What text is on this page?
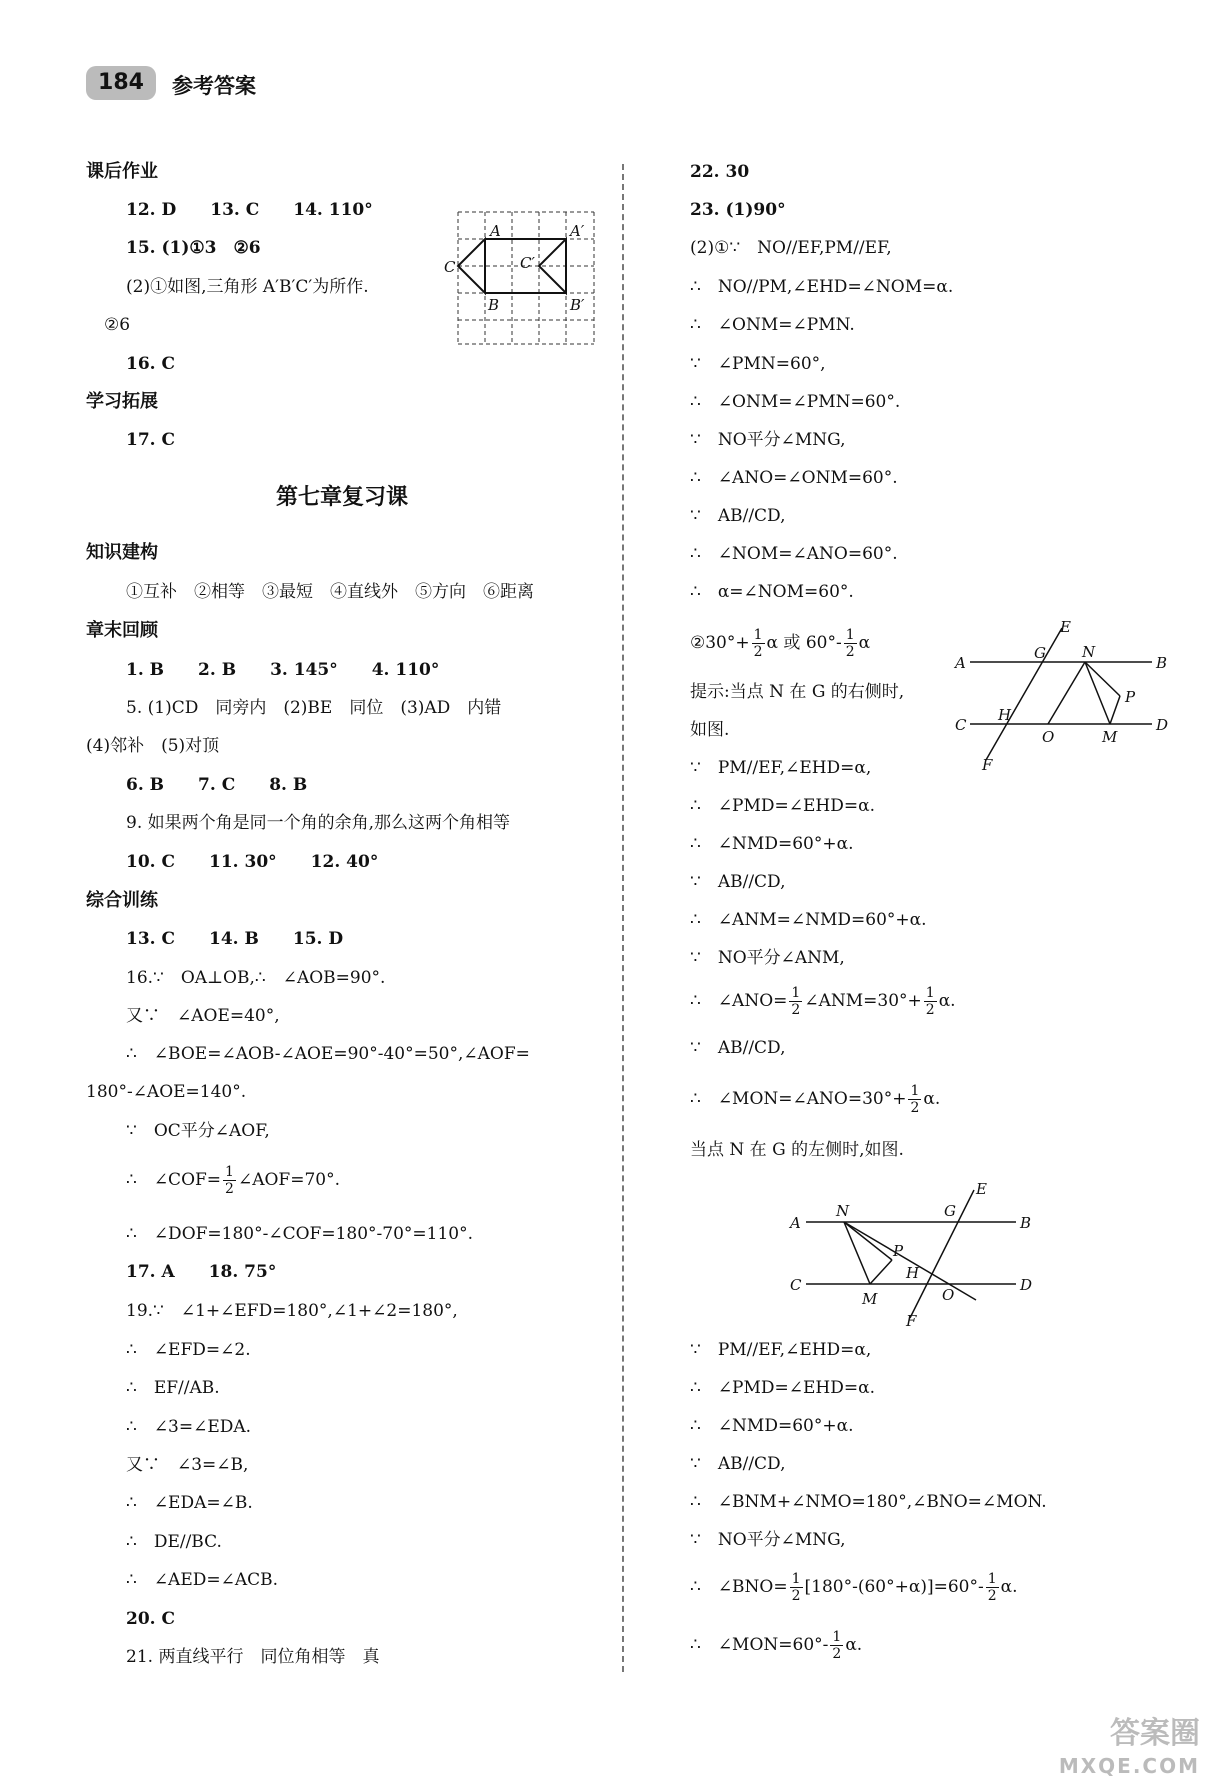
184	参考答案
课后作业
12. D　　13. C　　14. 110°
15. (1)①3　②6
(2)①如图,三角形 A′B′C′为所作.
②6
16. C
学习拓展
17. C
第七章复习课
知识建构
①互补　②相等　③最短　④直线外　⑤方向　⑥距离
章末回顾
1. B　　2. B　　3. 145°　　4. 110°
5. (1)CD　同旁内　(2)BE　同位　(3)AD　内错
(4)邻补　(5)对顶
6. B　　7. C　　8. B
9. 如果两个角是同一个角的余角,那么这两个角相等
10. C　　11. 30°　　12. 40°
综合训练
13. C　　14. B　　15. D
16.∵　OA⊥OB,∴　∠AOB=90°.
又∵　∠AOE=40°,
∴　∠BOE=∠AOB-∠AOE=90°-40°=50°,∠AOF=
180°-∠AOE=140°.
∵　OC平分∠AOF,
∴　∠COF= $\frac{1}{2}$ ∠AOF=70°.
∴　∠DOF=180°-∠COF=180°-70°=110°.
17. A　　18. 75°
19.∵　∠1+∠EFD=180°,∠1+∠2=180°,
∴　∠EFD=∠2.
∴　EF//AB.
∴　∠3=∠EDA.
又∵　∠3=∠B,
∴　∠EDA=∠B.
∴　DE//BC.
∴　∠AED=∠ACB.
20. C
21. 两直线平行　同位角相等　真
A	A′
C	C′
B	B′
22. 30
23. (1)90°
(2)①∵　NO//EF,PM//EF,
∴　NO//PM,∠EHD=∠NOM=α.
∴　∠ONM=∠PMN.
∵　∠PMN=60°,
∴　∠ONM=∠PMN=60°.
∵　NO平分∠MNG,
∴　∠ANO=∠ONM=60°.
∵　AB//CD,
∴　∠NOM=∠ANO=60°.
∴　α=∠NOM=60°.
②30°+ $\frac{1}{2}$ α 或 $60^\circ- \frac{1}{2}$ α
提示:当点 N 在 G 的右侧时,
如图.
∵　PM//EF,∠EHD=α,
∴　∠PMD=∠EHD=α.
∴　∠NMD=60°+α.
∵　AB//CD,
∴　∠ANM=∠NMD=60°+α.
∵　NO平分∠ANM,
∴　∠ANO= $\frac{1}{2}$ ∠ANM=30°+ $\frac{1}{2} \alpha$.
∵　AB//CD,
∴　∠MON=∠ANO=30°+ $\frac{1}{2} \alpha$.
当点 N 在 G 的左侧时,如图.
∵　PM//EF,∠EHD=α,
∴　∠PMD=∠EHD=α.
∴　∠NMD=60°+α.
∵　AB//CD,
∴　∠BNM+∠NMO=180°,∠BNO=∠MON.
∵　NO平分∠MNG,
∴　∠BNO= $\frac{1}{2} [180^\circ-(60^\circ+\alpha)]=60^\circ- \frac{1}{2} \alpha$.
∴　∠MON=60°- $\frac{1}{2} \alpha$.
E
G N
A	B
P
C
H
O	M
D
F
E
N	G
A	B
P
H
C
M	O
D
F
答案圈
MXQE.COM
